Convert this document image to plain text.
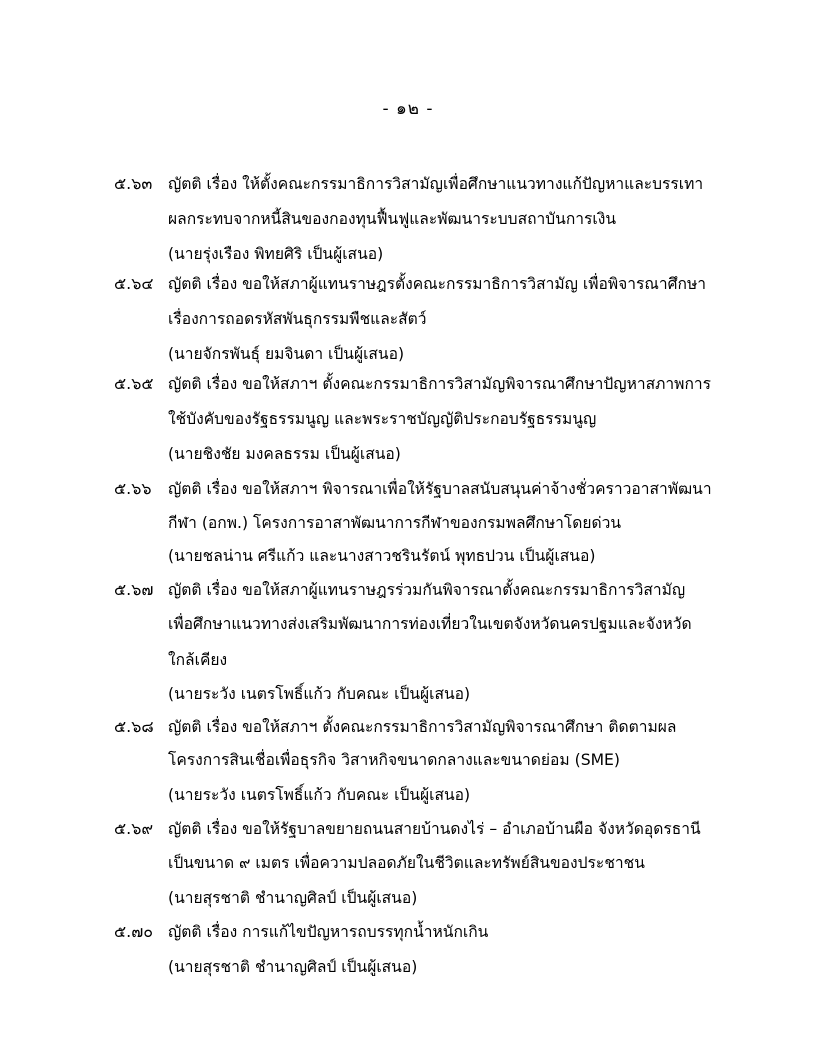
- ๑๒ -
๕.๖๓ ญัตติ เรื่อง ให้ตั้งคณะกรรมาธิการวิสามัญเพื่อศึกษาแนวทางแก้ปัญหาและบรรเทา
ผลกระทบจากหนี้สินของกองทุนฟื้นฟูและพัฒนาระบบสถาบันการเงิน
(นายรุ่งเรือง พิทยศิริ เป็นผู้เสนอ)
๕.๖๔ ญัตติ เรื่อง ขอให้สภาผู้แทนราษฎรตั้งคณะกรรมาธิการวิสามัญ เพื่อพิจารณาศึกษา
เรื่องการถอดรหัสพันธุกรรมพืชและสัตว์
(นายจักรพันธุ์ ยมจินดา เป็นผู้เสนอ)
๕.๖๕ ญัตติ เรื่อง ขอให้สภาฯ ตั้งคณะกรรมาธิการวิสามัญพิจารณาศึกษาปัญหาสภาพการ
ใช้บังคับของรัฐธรรมนูญ และพระราชบัญญัติประกอบรัฐธรรมนูญ
(นายชิงชัย มงคลธรรม เป็นผู้เสนอ)
๕.๖๖ ญัตติ เรื่อง ขอให้สภาฯ พิจารณาเพื่อให้รัฐบาลสนับสนุนค่าจ้างชั่วคราวอาสาพัฒนา
กีฬา (อกพ.) โครงการอาสาพัฒนาการกีฬาของกรมพลศึกษาโดยด่วน
(นายชลน่าน ศรีแก้ว และนางสาวชรินรัตน์ พุทธปวน เป็นผู้เสนอ)
๕.๖๗ ญัตติ เรื่อง ขอให้สภาผู้แทนราษฎรร่วมกันพิจารณาตั้งคณะกรรมาธิการวิสามัญ
เพื่อศึกษาแนวทางส่งเสริมพัฒนาการท่องเที่ยวในเขตจังหวัดนครปฐมและจังหวัด
ใกล้เคียง
(นายระวัง เนตรโพธิ์แก้ว กับคณะ เป็นผู้เสนอ)
๕.๖๘ ญัตติ เรื่อง ขอให้สภาฯ ตั้งคณะกรรมาธิการวิสามัญพิจารณาศึกษา ติดตามผล
โครงการสินเชื่อเพื่อธุรกิจ วิสาหกิจขนาดกลางและขนาดย่อม (SME)
(นายระวัง เนตรโพธิ์แก้ว กับคณะ เป็นผู้เสนอ)
๕.๖๙ ญัตติ เรื่อง ขอให้รัฐบาลขยายถนนสายบ้านดงไร่ – อำเภอบ้านผือ จังหวัดอุดรธานี
เป็นขนาด ๙ เมตร เพื่อความปลอดภัยในชีวิตและทรัพย์สินของประชาชน
(นายสุรชาติ ชำนาญศิลป์ เป็นผู้เสนอ)
๕.๗๐ ญัตติ เรื่อง การแก้ไขปัญหารถบรรทุกน้ำหนักเกิน
(นายสุรชาติ ชำนาญศิลป์ เป็นผู้เสนอ)
